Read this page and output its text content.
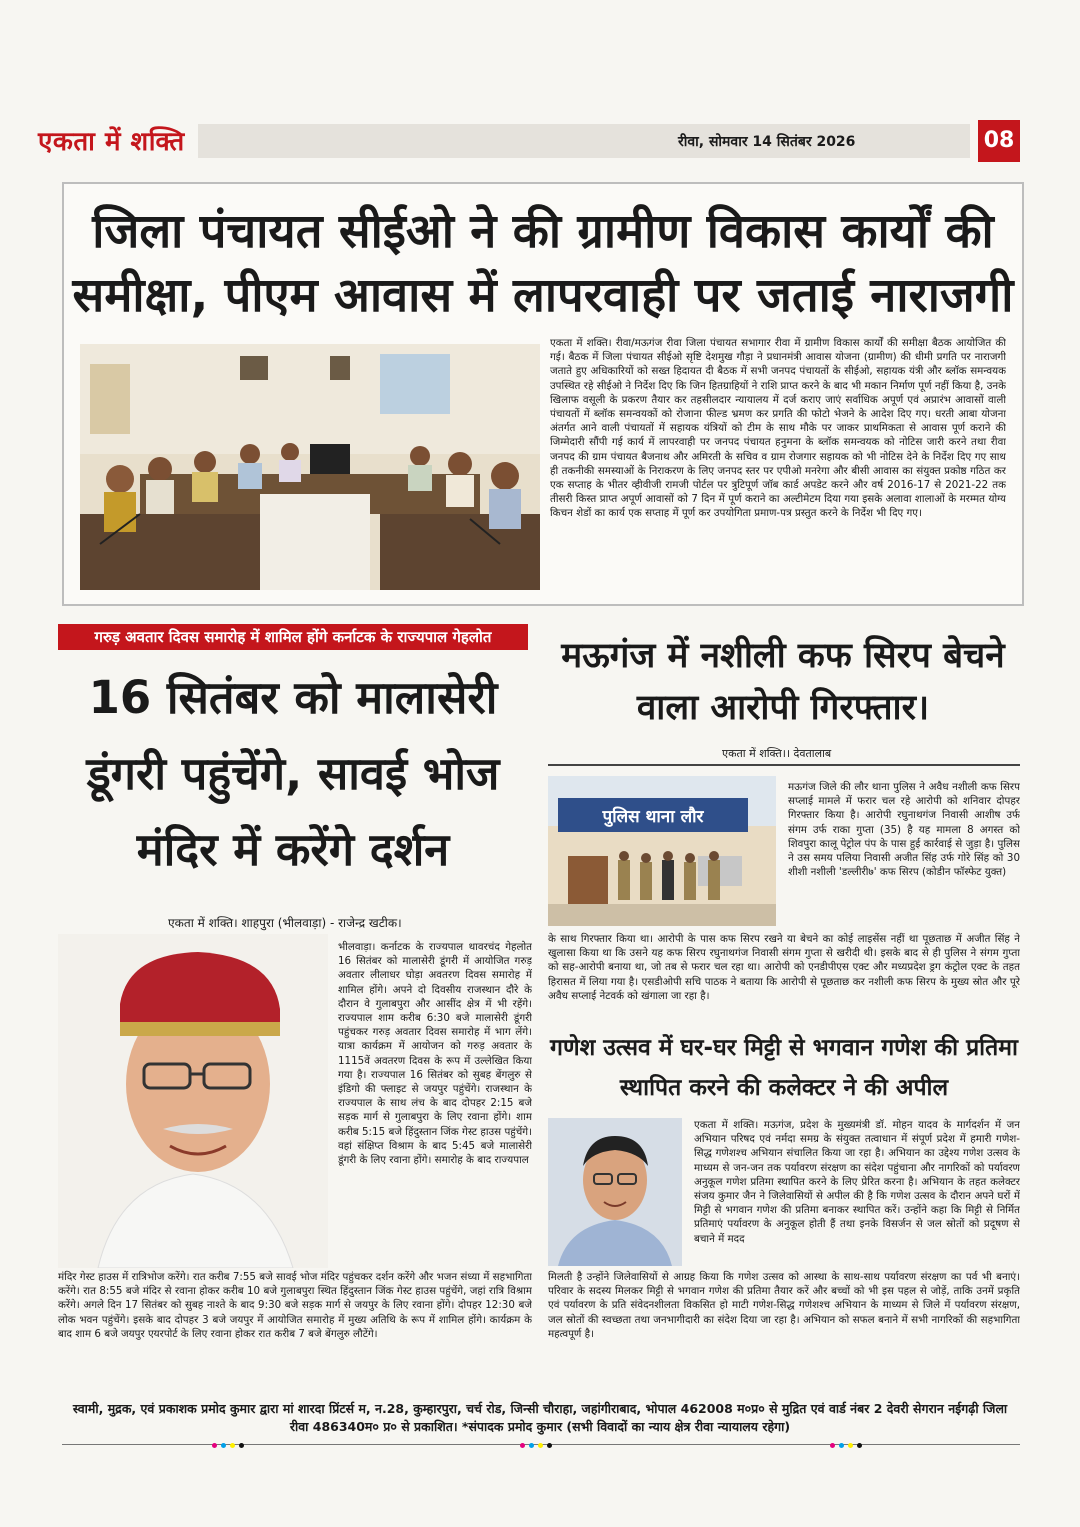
एकता में शक्ति	रीवा, सोमवार 14 सितंबर 2026	08
जिला पंचायत सीईओ ने की ग्रामीण विकास कार्यों की समीक्षा, पीएम आवास में लापरवाही पर जताई नाराजगी
एकता में शक्ति। रीवा/मऊगंज रीवा जिला पंचायत सभागार रीवा में ग्रामीण विकास कार्यों की समीक्षा बैठक आयोजित की गई। बैठक में जिला पंचायत सीईओ सृष्टि देशमुख गौड़ा ने प्रधानमंत्री आवास योजना (ग्रामीण) की धीमी प्रगति पर नाराजगी जताते हुए अधिकारियों को सख्त हिदायत दी बैठक में सभी जनपद पंचायतों के सीईओ, सहायक यंत्री और ब्लॉक समन्वयक उपस्थित रहे सीईओ ने निर्देश दिए कि जिन हितग्राहियों ने राशि प्राप्त करने के बाद भी मकान निर्माण पूर्ण नहीं किया है, उनके खिलाफ वसूली के प्रकरण तैयार कर तहसीलदार न्यायालय में दर्ज कराए जाएं सर्वाधिक अपूर्ण एवं अप्रारंभ आवासों वाली पंचायतों में ब्लॉक समन्वयकों को रोजाना फील्ड भ्रमण कर प्रगति की फोटो भेजने के आदेश दिए गए। धरती आबा योजना अंतर्गत आने वाली पंचायतों में सहायक यंत्रियों को टीम के साथ मौके पर जाकर प्राथमिकता से आवास पूर्ण कराने की जिम्मेदारी सौंपी गई कार्य में लापरवाही पर जनपद पंचायत हनुमना के ब्लॉक समन्वयक को नोटिस जारी करने तथा रीवा जनपद की ग्राम पंचायत बैजनाथ और अमिरती के सचिव व ग्राम रोजगार सहायक को भी नोटिस देने के निर्देश दिए गए साथ ही तकनीकी समस्याओं के निराकरण के लिए जनपद स्तर पर एपीओ मनरेगा और बीसी आवास का संयुक्त प्रकोष्ठ गठित कर एक सप्ताह के भीतर व्हीवीजी रामजी पोर्टल पर त्रुटिपूर्ण जॉब कार्ड अपडेट करने और वर्ष 2016-17 से 2021-22 तक तीसरी किस्त प्राप्त अपूर्ण आवासों को 7 दिन में पूर्ण कराने का अल्टीमेटम दिया गया इसके अलावा शालाओं के मरम्मत योग्य किचन शेडों का कार्य एक सप्ताह में पूर्ण कर उपयोगिता प्रमाण-पत्र प्रस्तुत करने के निर्देश भी दिए गए।
गरुड़ अवतार दिवस समारोह में शामिल होंगे कर्नाटक के राज्यपाल गेहलोत
16 सितंबर को मालासेरी डूंगरी पहुंचेंगे, सावई भोज मंदिर में करेंगे दर्शन
एकता में शक्ति। शाहपुरा (भीलवाड़ा) - राजेन्द्र खटीक।
भीलवाड़ा। कर्नाटक के राज्यपाल थावरचंद गेहलोत 16 सितंबर को मालासेरी डूंगरी में आयोजित गरुड़ अवतार लीलाधर घोड़ा अवतरण दिवस समारोह में शामिल होंगे। अपने दो दिवसीय राजस्थान दौरे के दौरान वे गुलाबपुरा और आसींद क्षेत्र में भी रहेंगे। राज्यपाल शाम करीब 6:30 बजे मालासेरी डूंगरी पहुंचकर गरुड़ अवतार दिवस समारोह में भाग लेंगे। यात्रा कार्यक्रम में आयोजन को गरुड़ अवतार के 1115वें अवतरण दिवस के रूप में उल्लेखित किया गया है। राज्यपाल 16 सितंबर को सुबह बेंगलुरु से इंडिगो की फ्लाइट से जयपुर पहुंचेंगे। राजस्थान के राज्यपाल के साथ लंच के बाद दोपहर 2:15 बजे सड़क मार्ग से गुलाबपुरा के लिए रवाना होंगे। शाम करीब 5:15 बजे हिंदुस्तान जिंक गेस्ट हाउस पहुंचेंगे। वहां संक्षिप्त विश्राम के बाद 5:45 बजे मालासेरी डूंगरी के लिए रवाना होंगे। समारोह के बाद राज्यपाल
मंदिर गेस्ट हाउस में रात्रिभोज करेंगे। रात करीब 7:55 बजे सावई भोज मंदिर पहुंचकर दर्शन करेंगे और भजन संध्या में सहभागिता करेंगे। रात 8:55 बजे मंदिर से रवाना होकर करीब 10 बजे गुलाबपुरा स्थित हिंदुस्तान जिंक गेस्ट हाउस पहुंचेंगे, जहां रात्रि विश्राम करेंगे। अगले दिन 17 सितंबर को सुबह नाश्ते के बाद 9:30 बजे सड़क मार्ग से जयपुर के लिए रवाना होंगे। दोपहर 12:30 बजे लोक भवन पहुंचेंगे। इसके बाद दोपहर 3 बजे जयपुर में आयोजित समारोह में मुख्य अतिथि के रूप में शामिल होंगे। कार्यक्रम के बाद शाम 6 बजे जयपुर एयरपोर्ट के लिए रवाना होकर रात करीब 7 बजे बेंगलुरु लौटेंगे।
मऊगंज में नशीली कफ सिरप बेचने वाला आरोपी गिरफ्तार।
एकता में शक्ति।। देवतालाब
पुलिस थाना लौर
मऊगंज जिले की लौर थाना पुलिस ने अवैध नशीली कफ सिरप सप्लाई मामले में फरार चल रहे आरोपी को शनिवार दोपहर गिरफ्तार किया है। आरोपी रघुनाथगंज निवासी आशीष उर्फ संगम उर्फ राका गुप्ता (35) है यह मामला 8 अगस्त को शिवपुरा कालू पेट्रोल पंप के पास हुई कार्रवाई से जुड़ा है। पुलिस ने उस समय पलिया निवासी अजीत सिंह उर्फ गोरे सिंह को 30 शीशी नशीली 'डल्लीरी७' कफ सिरप (कोडीन फॉस्फेट युक्त)
के साथ गिरफ्तार किया था। आरोपी के पास कफ सिरप रखने या बेचने का कोई लाइसेंस नहीं था पूछताछ में अजीत सिंह ने खुलासा किया था कि उसने यह कफ सिरप रघुनाथगंज निवासी संगम गुप्ता से खरीदी थी। इसके बाद से ही पुलिस ने संगम गुप्ता को सह-आरोपी बनाया था, जो तब से फरार चल रहा था। आरोपी को एनडीपीएस एक्ट और मध्यप्रदेश ड्रग कंट्रोल एक्ट के तहत हिरासत में लिया गया है। एसडीओपी सचि पाठक ने बताया कि आरोपी से पूछताछ कर नशीली कफ सिरप के मुख्य स्रोत और पूरे अवैध सप्लाई नेटवर्क को खंगाला जा रहा है।
गणेश उत्सव में घर-घर मिट्टी से भगवान गणेश की प्रतिमा स्थापित करने की कलेक्टर ने की अपील
एकता में शक्ति। मऊगंज, प्रदेश के मुख्यमंत्री डॉ. मोहन यादव के मार्गदर्शन में जन अभियान परिषद एवं नर्मदा समग्र के संयुक्त तत्वाधान में संपूर्ण प्रदेश में हमारी गणेश-सिद्ध गणेशश्च अभियान संचालित किया जा रहा है। अभियान का उद्देश्य गणेश उत्सव के माध्यम से जन-जन तक पर्यावरण संरक्षण का संदेश पहुंचाना और नागरिकों को पर्यावरण अनुकूल गणेश प्रतिमा स्थापित करने के लिए प्रेरित करना है। अभियान के तहत कलेक्टर संजय कुमार जैन ने जिलेवासियों से अपील की है कि गणेश उत्सव के दौरान अपने घरों में मिट्टी से भगवान गणेश की प्रतिमा बनाकर स्थापित करें। उन्होंने कहा कि मिट्टी से निर्मित प्रतिमाएं पर्यावरण के अनुकूल होती हैं तथा इनके विसर्जन से जल स्रोतों को प्रदूषण से बचाने में मदद
मिलती है उन्होंने जिलेवासियों से आग्रह किया कि गणेश उत्सव को आस्था के साथ-साथ पर्यावरण संरक्षण का पर्व भी बनाएं। परिवार के सदस्य मिलकर मिट्टी से भगवान गणेश की प्रतिमा तैयार करें और बच्चों को भी इस पहल से जोड़ें, ताकि उनमें प्रकृति एवं पर्यावरण के प्रति संवेदनशीलता विकसित हो माटी गणेश-सिद्ध गणेशश्च अभियान के माध्यम से जिले में पर्यावरण संरक्षण, जल स्रोतों की स्वच्छता तथा जनभागीदारी का संदेश दिया जा रहा है। अभियान को सफल बनाने में सभी नागरिकों की सहभागिता महत्वपूर्ण है।
स्वामी, मुद्रक, एवं प्रकाशक प्रमोद कुमार द्वारा मां शारदा प्रिंटर्स म, न.28, कुम्हारपुरा, चर्च रोड, जिन्सी चौराहा, जहांगीराबाद, भोपाल 462008 म०प्र० से मुद्रित एवं वार्ड नंबर 2 देवरी सेगरान नईगढ़ी जिला रीवा 486340म० प्र० से प्रकाशित। *संपादक प्रमोद कुमार (सभी विवादों का न्याय क्षेत्र रीवा न्यायालय रहेगा)
